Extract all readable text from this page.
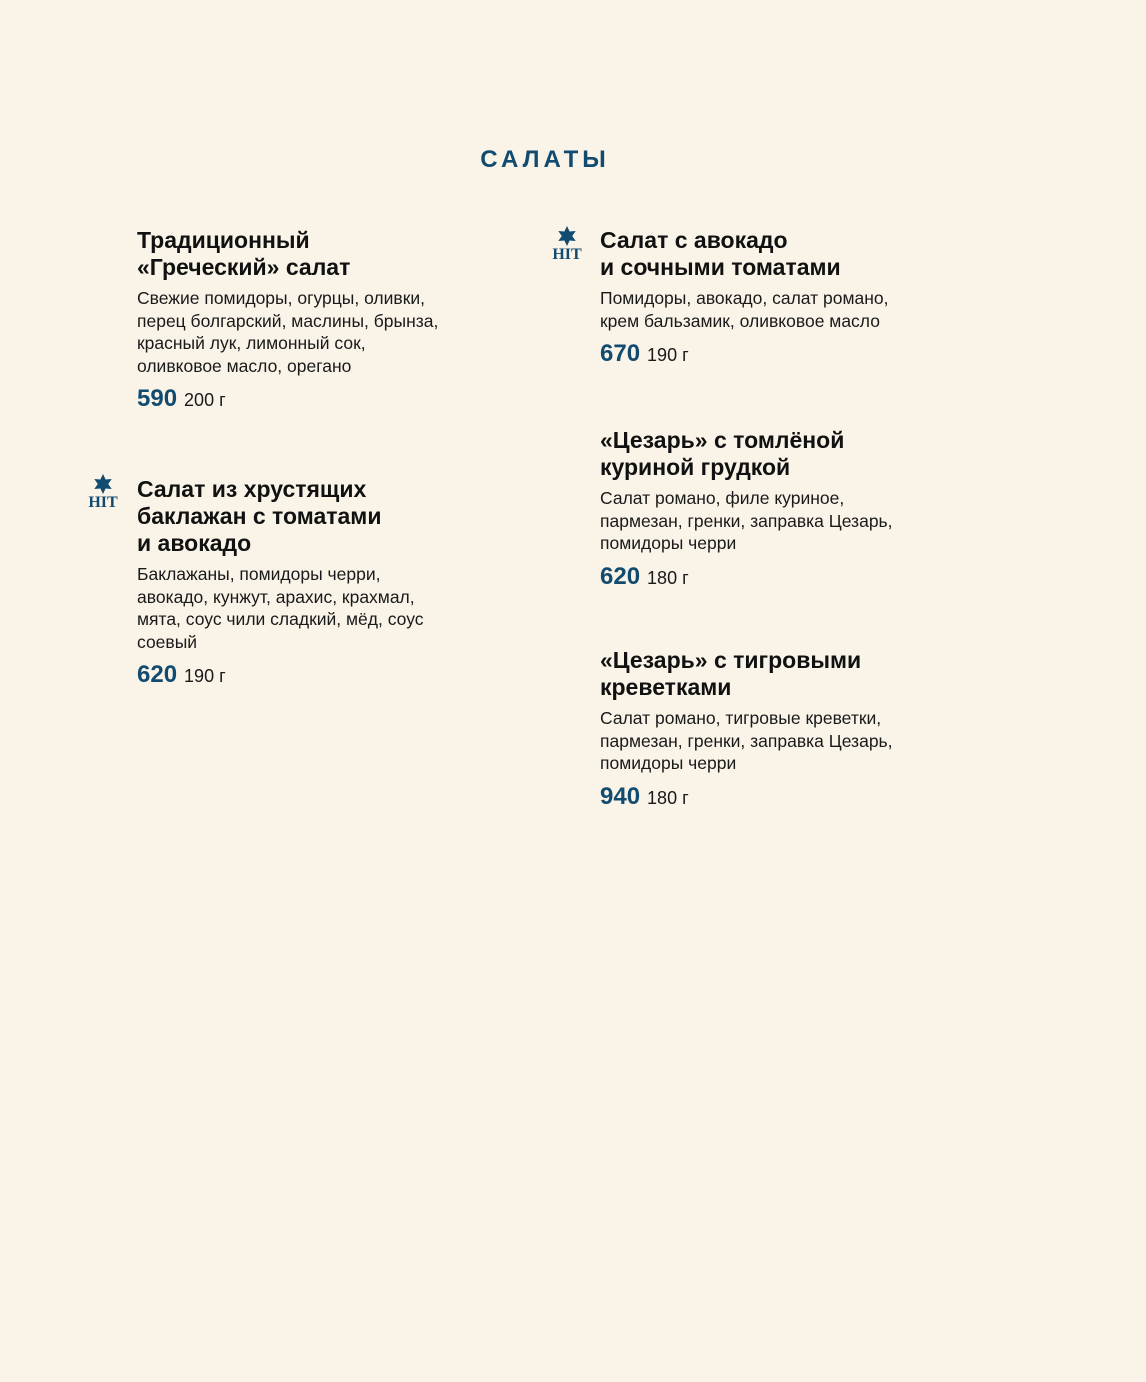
САЛАТЫ
Традиционный
«Греческий» салат

Свежие помидоры, огурцы, оливки,
перец болгарский, маслины, брынза,
красный лук, лимонный сок,
оливковое масло, орегано

590 200 г
HIT
Салат из хрустящих
баклажан с томатами
и авокадо

Баклажаны, помидоры черри,
авокадо, кунжут, арахис, крахмал,
мята, соус чили сладкий, мёд, соус
соевый

620 190 г
HIT
Салат с авокадо
и сочными томатами

Помидоры, авокадо, салат романо,
крем бальзамик, оливковое масло

670 190 г
«Цезарь» с томлёной
куриной грудкой

Салат романо, филе куриное,
пармезан, гренки, заправка Цезарь,
помидоры черри

620 180 г
«Цезарь» с тигровыми
креветками

Салат романо, тигровые креветки,
пармезан, гренки, заправка Цезарь,
помидоры черри

940 180 г
